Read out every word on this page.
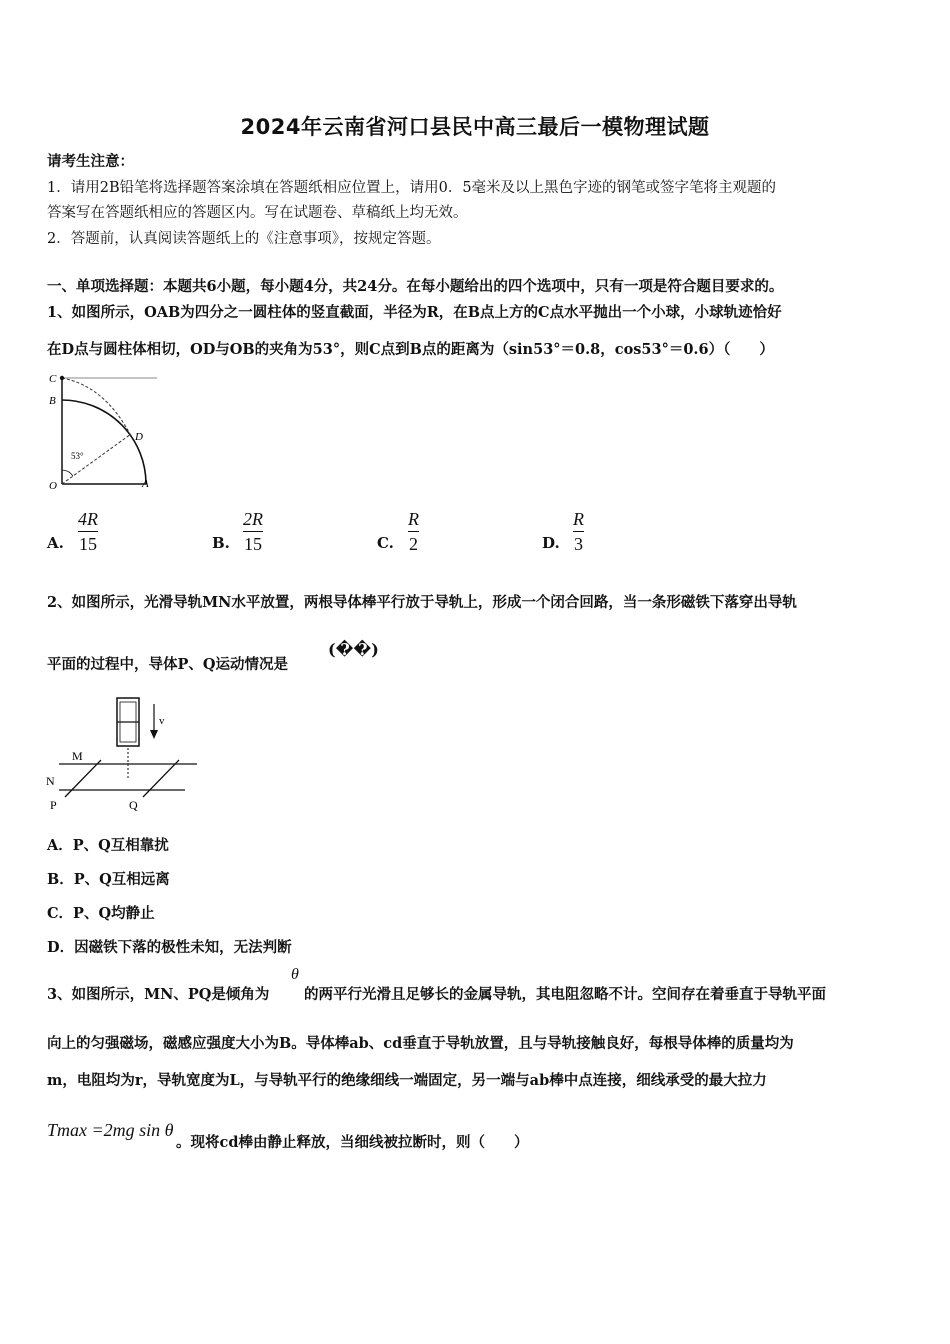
2024年云南省河口县民中高三最后一模物理试题
请考生注意：
1．请用2B铅笔将选择题答案涂填在答题纸相应位置上，请用0．5毫米及以上黑色字迹的钢笔或签字笔将主观题的
答案写在答题纸相应的答题区内。写在试题卷、草稿纸上均无效。
2．答题前，认真阅读答题纸上的《注意事项》，按规定答题。
一、单项选择题：本题共6小题，每小题4分，共24分。在每小题给出的四个选项中，只有一项是符合题目要求的。
1、如图所示，OAB为四分之一圆柱体的竖直截面，半径为R，在B点上方的C点水平抛出一个小球，小球轨迹恰好
在D点与圆柱体相切，OD与OB的夹角为53°，则C点到B点的距离为（sin53°＝0.8，cos53°＝0.6）（　　）
C
B
D
O	A
53°
A.
4R
15	B.
2R
15	C.
R
2	D.
R
3
2、如图所示，光滑导轨MN水平放置，两根导体棒平行放于导轨上，形成一个闭合回路，当一条形磁铁下落穿出导轨
平面的过程中，导体P、Q运动情况是
(��)
v
M
N
P	Q
A．P、Q互相靠扰
B．P、Q互相远离
C．P、Q均静止
D．因磁铁下落的极性未知，无法判断
3、如图所示，MN、PQ是倾角为
θ
的两平行光滑且足够长的金属导轨，其电阻忽略不计。空间存在着垂直于导轨平面
向上的匀强磁场，磁感应强度大小为B。导体棒ab、cd垂直于导轨放置，且与导轨接触良好，每根导体棒的质量均为
m，电阻均为r，导轨宽度为L，与导轨平行的绝缘细线一端固定，另一端与ab棒中点连接，细线承受的最大拉力
Tmax =2mg sin θ
。现将cd棒由静止释放，当细线被拉断时，则（　　）
